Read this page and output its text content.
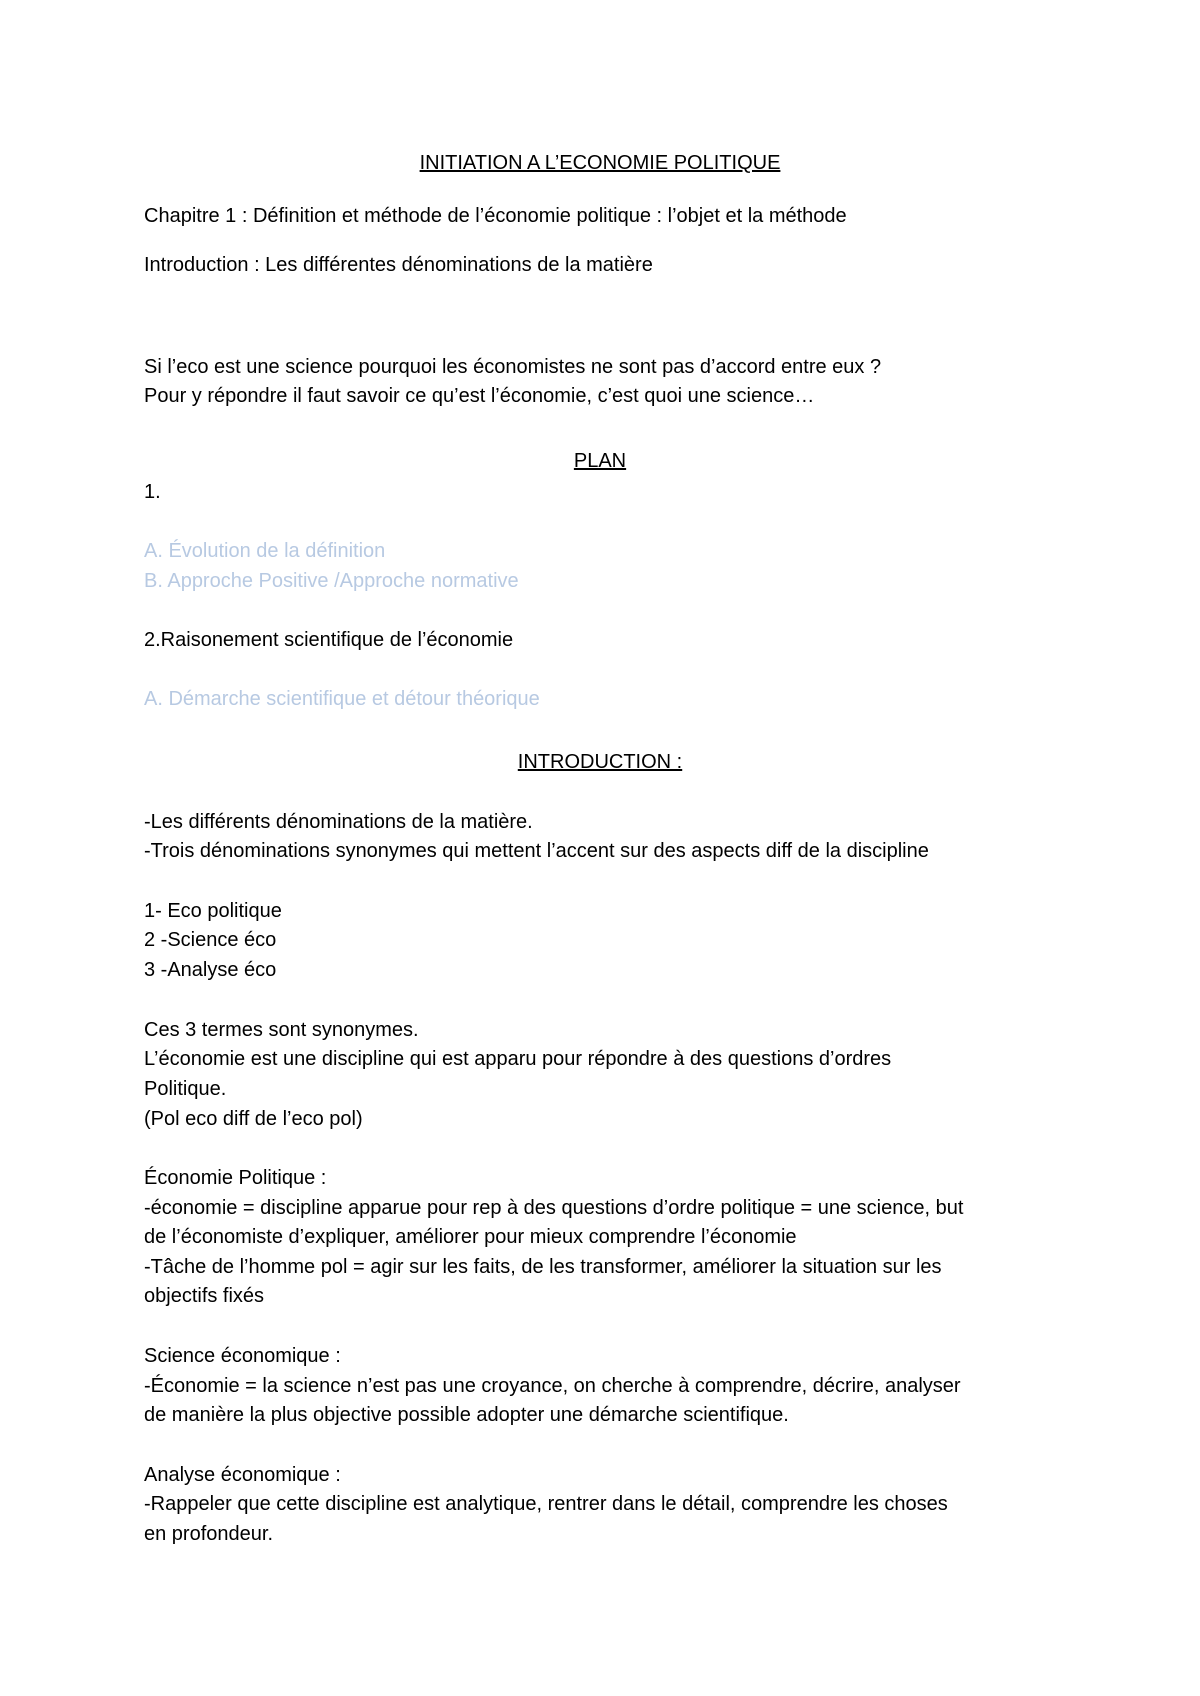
INITIATION A L’ECONOMIE POLITIQUE
Chapitre 1 : Définition et méthode de l’économie politique : l’objet et la méthode
Introduction : Les différentes dénominations de la matière
Si l’eco est une science pourquoi les économistes ne sont pas d’accord entre eux ?
Pour y répondre il faut savoir ce qu’est l’économie, c’est quoi une science…
PLAN
1.
A. Évolution de la définition
B. Approche Positive /Approche normative
2.Raisonement scientifique de l’économie
A. Démarche scientifique et détour théorique
INTRODUCTION :
-Les différents dénominations de la matière.
-Trois dénominations synonymes qui mettent l’accent sur des aspects diff de la discipline
1- Eco politique
2 -Science éco
3 -Analyse éco
Ces 3 termes sont synonymes.
L’économie est une discipline qui est apparu pour répondre à des questions d’ordres
Politique.
(Pol eco diff de l’eco pol)
Économie Politique :
-économie = discipline apparue pour rep à des questions d’ordre politique = une science, but
de l’économiste d’expliquer, améliorer pour mieux comprendre l’économie
-Tâche de l’homme pol = agir sur les faits, de les transformer, améliorer la situation sur les
objectifs fixés
Science économique :
-Économie = la science n’est pas une croyance, on cherche à comprendre, décrire, analyser
de manière la plus objective possible adopter une démarche scientifique.
Analyse économique :
-Rappeler que cette discipline est analytique, rentrer dans le détail, comprendre les choses
en profondeur.
